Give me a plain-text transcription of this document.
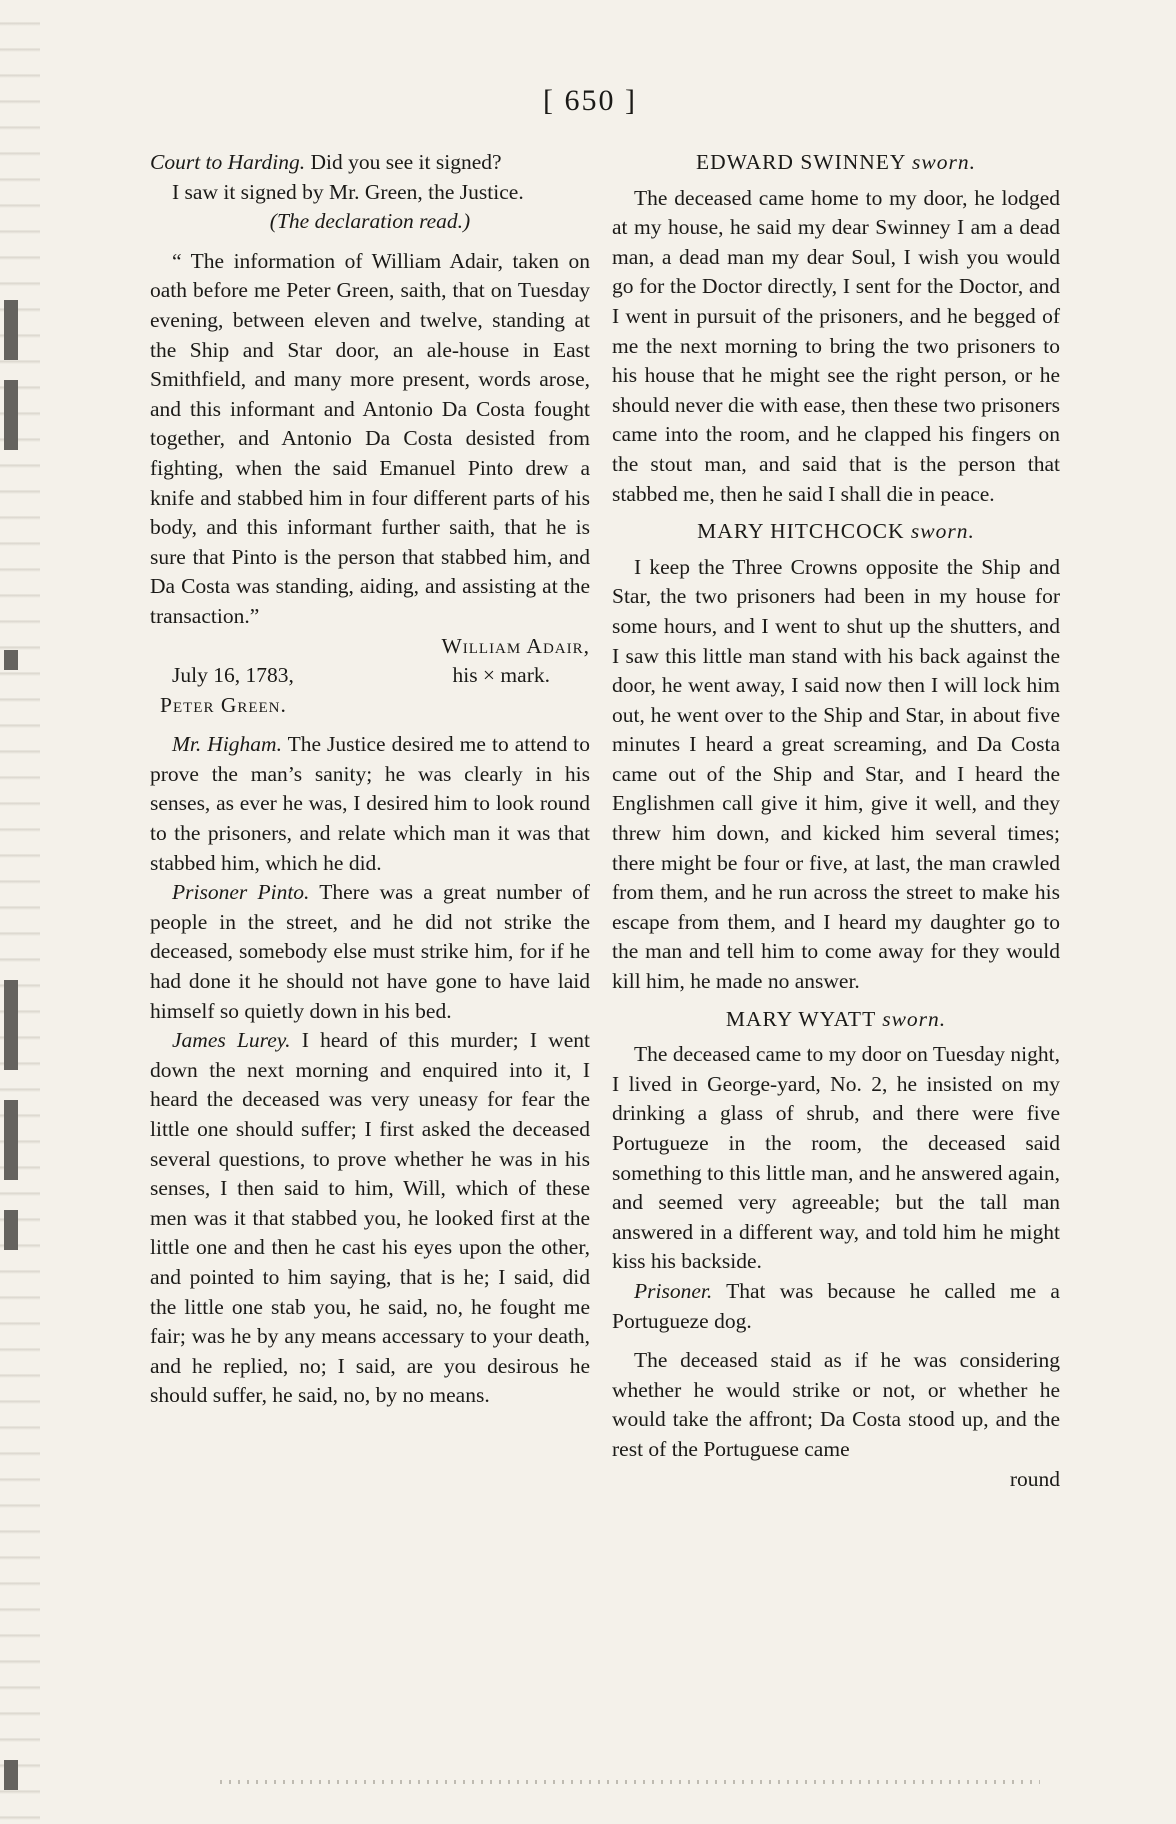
[ 650 ]

Court to Harding. Did you see it signed?

I saw it signed by Mr. Green, the Justice.

(The declaration read.)

“ The information of William Adair, taken on oath before me Peter Green, saith, that on Tuesday evening, between eleven and twelve, standing at the Ship and Star door, an ale-house in East Smithfield, and many more present, words arose, and this informant and Antonio Da Costa fought together, and Antonio Da Costa desisted from fighting, when the said Emanuel Pinto drew a knife and stabbed him in four different parts of his body, and this informant further saith, that he is sure that Pinto is the person that stabbed him, and Da Costa was standing, aiding, and assisting at the transaction.”

William Adair,

July 16, 1783,	his × mark.

Peter Green.

Mr. Higham. The Justice desired me to attend to prove the man’s sanity; he was clearly in his senses, as ever he was, I desired him to look round to the prisoners, and relate which man it was that stabbed him, which he did.

Prisoner Pinto. There was a great number of people in the street, and he did not strike the deceased, somebody else must strike him, for if he had done it he should not have gone to have laid himself so quietly down in his bed.

James Lurey. I heard of this murder; I went down the next morning and enquired into it, I heard the deceased was very uneasy for fear the little one should suffer; I first asked the deceased several questions, to prove whether he was in his senses, I then said to him, Will, which of these men was it that stabbed you, he looked first at the little one and then he cast his eyes upon the other, and pointed to him saying, that is he; I said, did the little one stab you, he said, no, he fought me fair; was he by any means accessary to your death, and he replied, no; I said, are you desirous he should suffer, he said, no, by no means.

EDWARD SWINNEY sworn.

The deceased came home to my door, he lodged at my house, he said my dear Swinney I am a dead man, a dead man my dear Soul, I wish you would go for the Doctor directly, I sent for the Doctor, and I went in pursuit of the prisoners, and he begged of me the next morning to bring the two prisoners to his house that he might see the right person, or he should never die with ease, then these two prisoners came into the room, and he clapped his fingers on the stout man, and said that is the person that stabbed me, then he said I shall die in peace.

MARY HITCHCOCK sworn.

I keep the Three Crowns opposite the Ship and Star, the two prisoners had been in my house for some hours, and I went to shut up the shutters, and I saw this little man stand with his back against the door, he went away, I said now then I will lock him out, he went over to the Ship and Star, in about five minutes I heard a great screaming, and Da Costa came out of the Ship and Star, and I heard the Englishmen call give it him, give it well, and they threw him down, and kicked him several times; there might be four or five, at last, the man crawled from them, and he run across the street to make his escape from them, and I heard my daughter go to the man and tell him to come away for they would kill him, he made no answer.

MARY WYATT sworn.

The deceased came to my door on Tuesday night, I lived in George-yard, No. 2, he insisted on my drinking a glass of shrub, and there were five Portugueze in the room, the deceased said something to this little man, and he answered again, and seemed very agreeable; but the tall man answered in a different way, and told him he might kiss his backside.

Prisoner. That was because he called me a Portugueze dog.

The deceased staid as if he was considering whether he would strike or not, or whether he would take the affront; Da Costa stood up, and the rest of the Portuguese came

round
